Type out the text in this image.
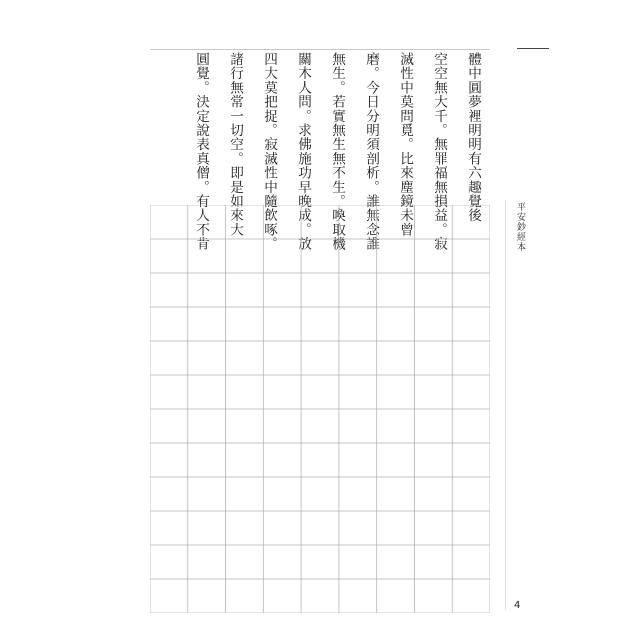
體中圓夢裡明明有六趣覺後
空空無大千。無罪福無損益。寂
滅性中莫問覓。比來塵鏡未曾
磨。今日分明須剖析。誰無念誰
無生。若實無生無不生。喚取機
關木人問。求佛施功早晚成。放
四大莫把捉。寂滅性中隨飲啄。
諸行無常一切空。即是如來大
圓覺。決定說表真僧。有人不肯	平安鈔經本
4
